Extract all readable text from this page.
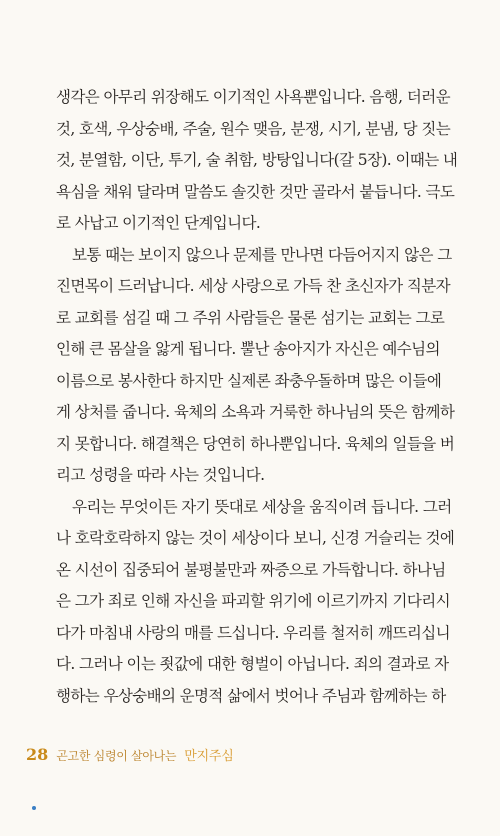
생각은 아무리 위장해도 이기적인 사욕뿐입니다. 음행, 더러운
것, 호색, 우상숭배, 주술, 원수 맺음, 분쟁, 시기, 분냄, 당 짓는
것, 분열함, 이단, 투기, 술 취함, 방탕입니다(갈 5장). 이때는 내
욕심을 채워 달라며 말씀도 솔깃한 것만 골라서 붙듭니다. 극도
로 사납고 이기적인 단계입니다.
보통 때는 보이지 않으나 문제를 만나면 다듬어지지 않은 그
진면목이 드러납니다. 세상 사랑으로 가득 찬 초신자가 직분자
로 교회를 섬길 때 그 주위 사람들은 물론 섬기는 교회는 그로
인해 큰 몸살을 앓게 됩니다. 뿔난 송아지가 자신은 예수님의
이름으로 봉사한다 하지만 실제론 좌충우돌하며 많은 이들에
게 상처를 줍니다. 육체의 소욕과 거룩한 하나님의 뜻은 함께하
지 못합니다. 해결책은 당연히 하나뿐입니다. 육체의 일들을 버
리고 성령을 따라 사는 것입니다.
우리는 무엇이든 자기 뜻대로 세상을 움직이려 듭니다. 그러
나 호락호락하지 않는 것이 세상이다 보니, 신경 거슬리는 것에
온 시선이 집중되어 불평불만과 짜증으로 가득합니다. 하나님
은 그가 죄로 인해 자신을 파괴할 위기에 이르기까지 기다리시
다가 마침내 사랑의 매를 드십니다. 우리를 철저히 깨뜨리십니
다. 그러나 이는 죗값에 대한 형벌이 아닙니다. 죄의 결과로 자
행하는 우상숭배의 운명적 삶에서 벗어나 주님과 함께하는 하
28 곤고한 심령이 살아나는 만지주심
